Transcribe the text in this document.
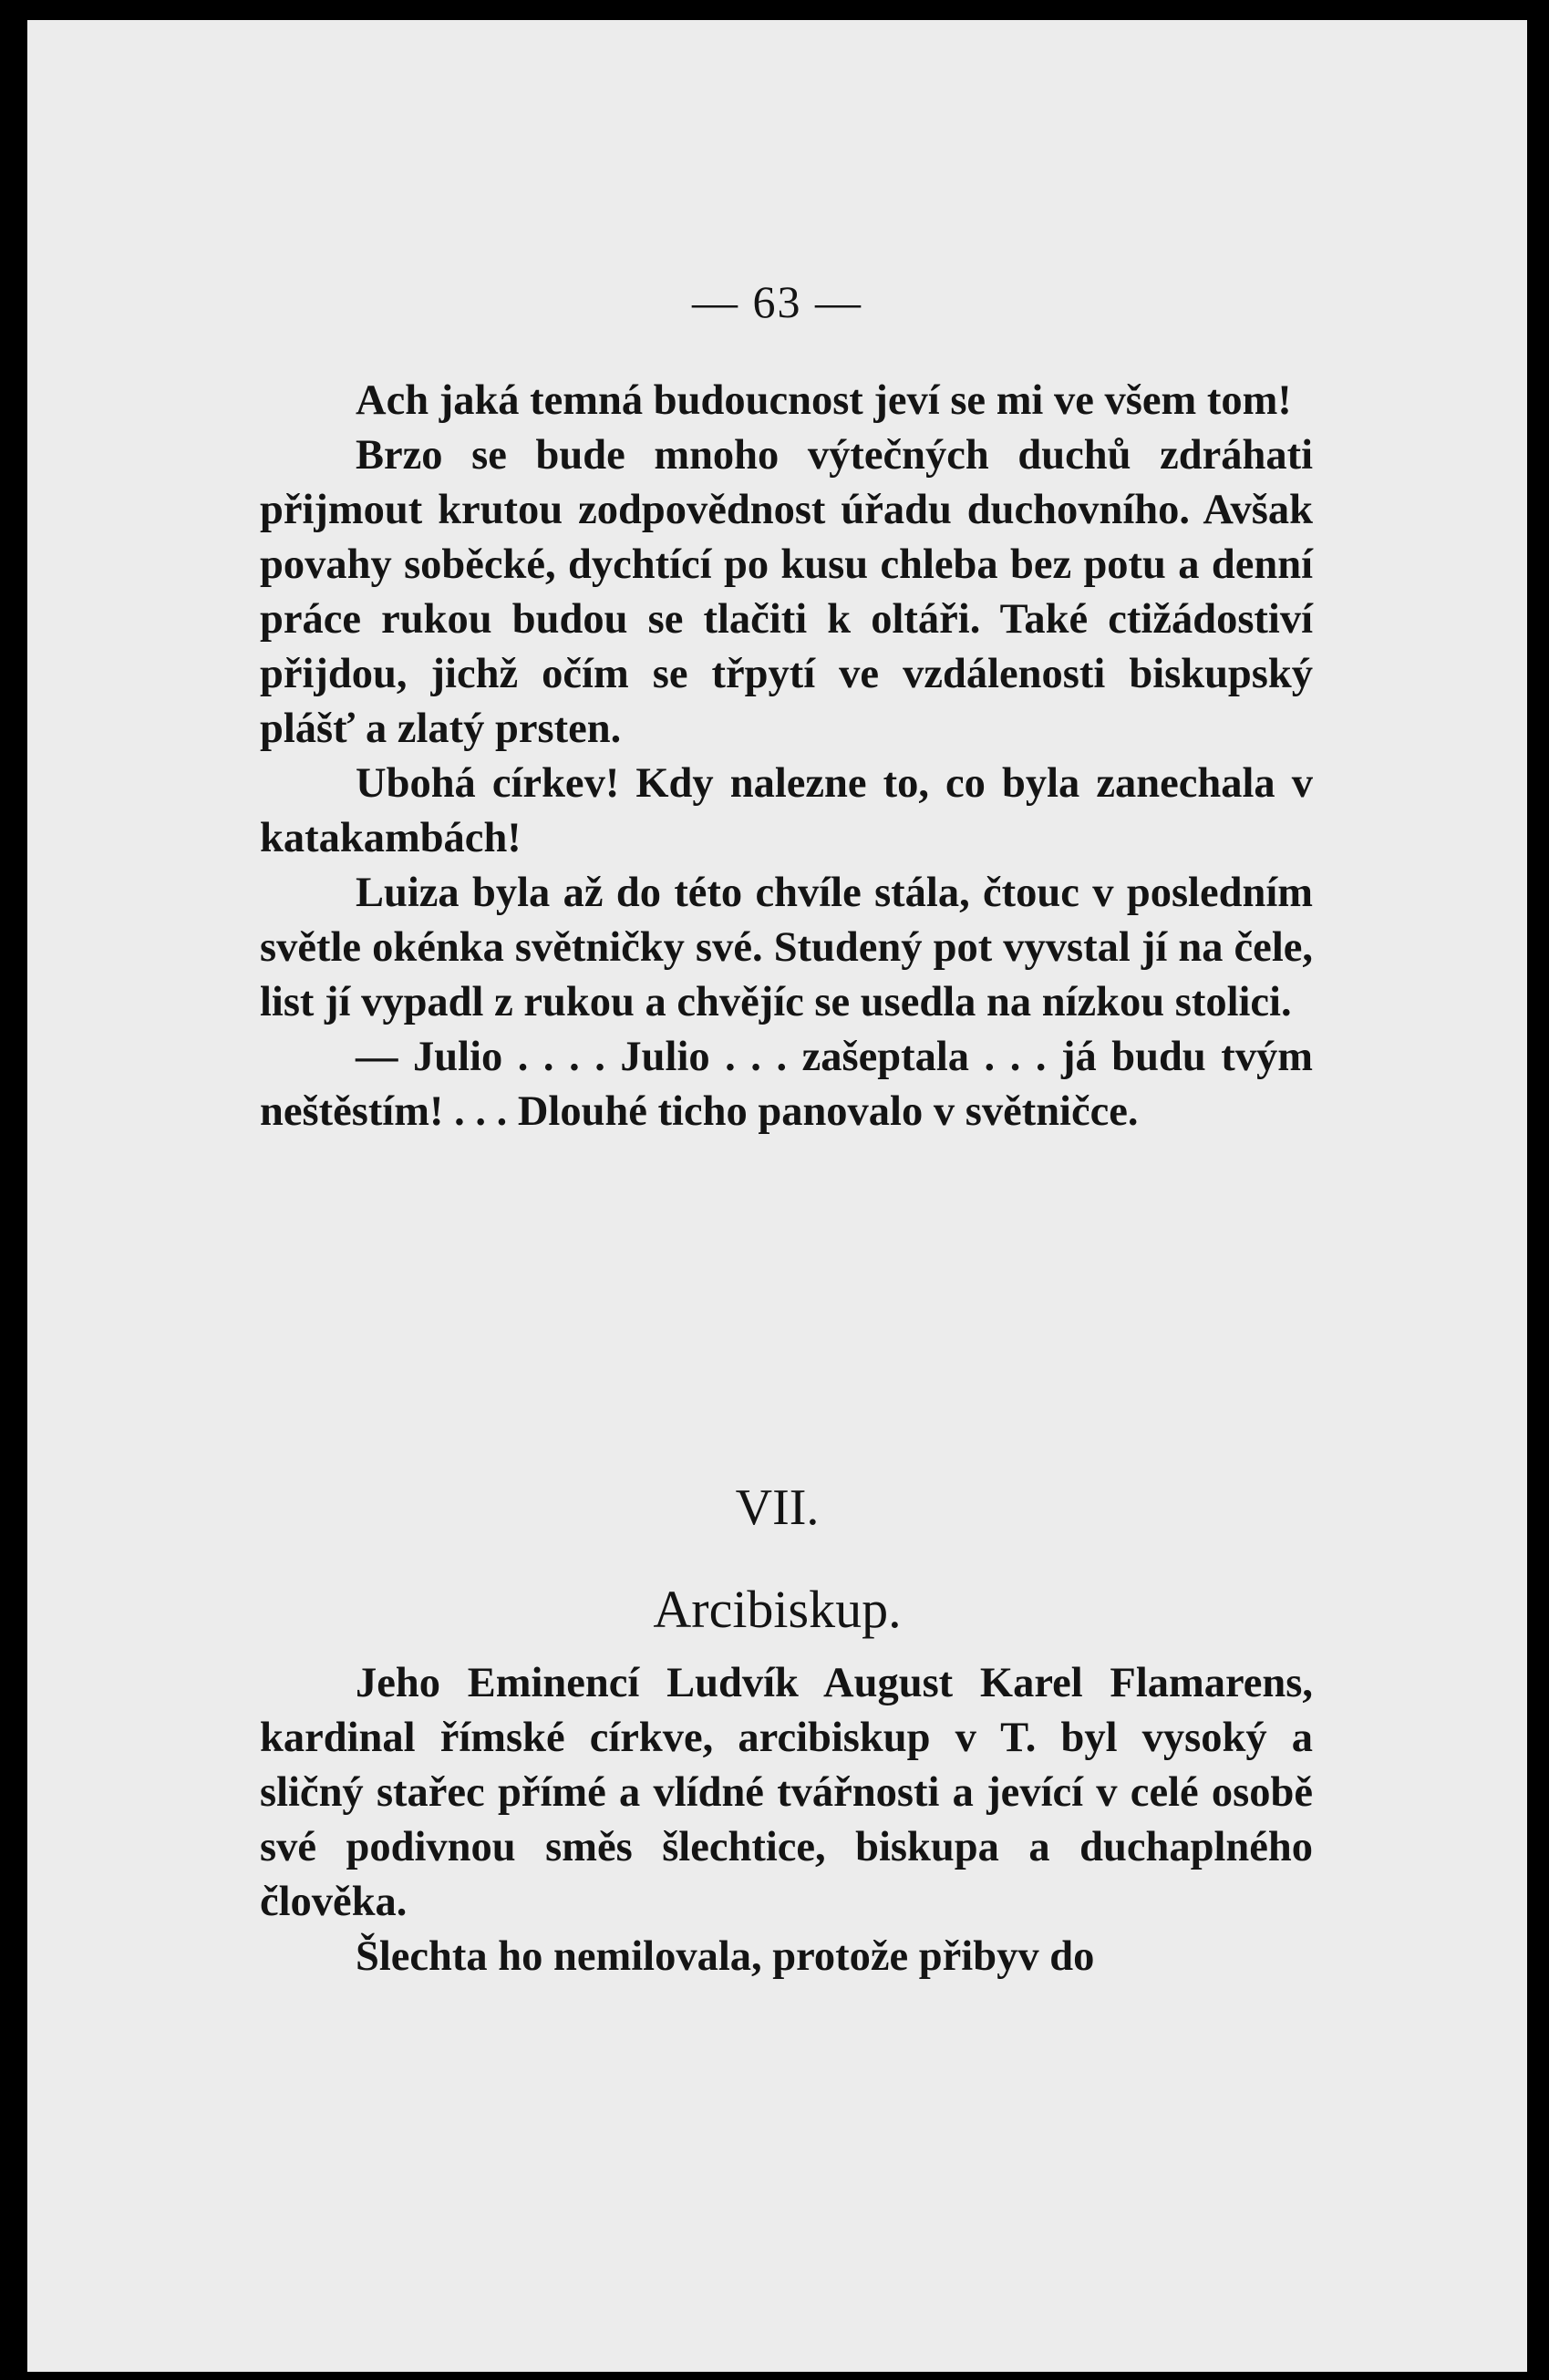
— 63 —

Ach jaká temná budoucnost jeví se mi ve všem tom!

Brzo se bude mnoho výtečných duchů zdráhati přijmout krutou zodpovědnost úřadu duchovního. Avšak povahy soběcké, dychtící po kusu chleba bez potu a denní práce rukou budou se tlačiti k oltáři. Také ctižádostiví přijdou, jichž očím se třpytí ve vzdálenosti biskupský plášť a zlatý prsten.

Ubohá církev! Kdy nalezne to, co byla zanechala v katakambách!

Luiza byla až do této chvíle stála, čtouc v posledním světle okénka světničky své. Studený pot vyvstal jí na čele, list jí vypadl z rukou a chvějíc se usedla na nízkou stolici.

— Julio . . . . Julio . . . zašeptala . . . já budu tvým neštěstím! . . . Dlouhé ticho panovalo v světničce.

VII.
Arcibiskup.

Jeho Eminencí Ludvík August Karel Flamarens, kardinal římské církve, arcibiskup v T. byl vysoký a sličný stařec přímé a vlídné tvářnosti a jevící v celé osobě své podivnou směs šlechtice, biskupa a duchaplného člověka.

Šlechta ho nemilovala, protože přibyv do
